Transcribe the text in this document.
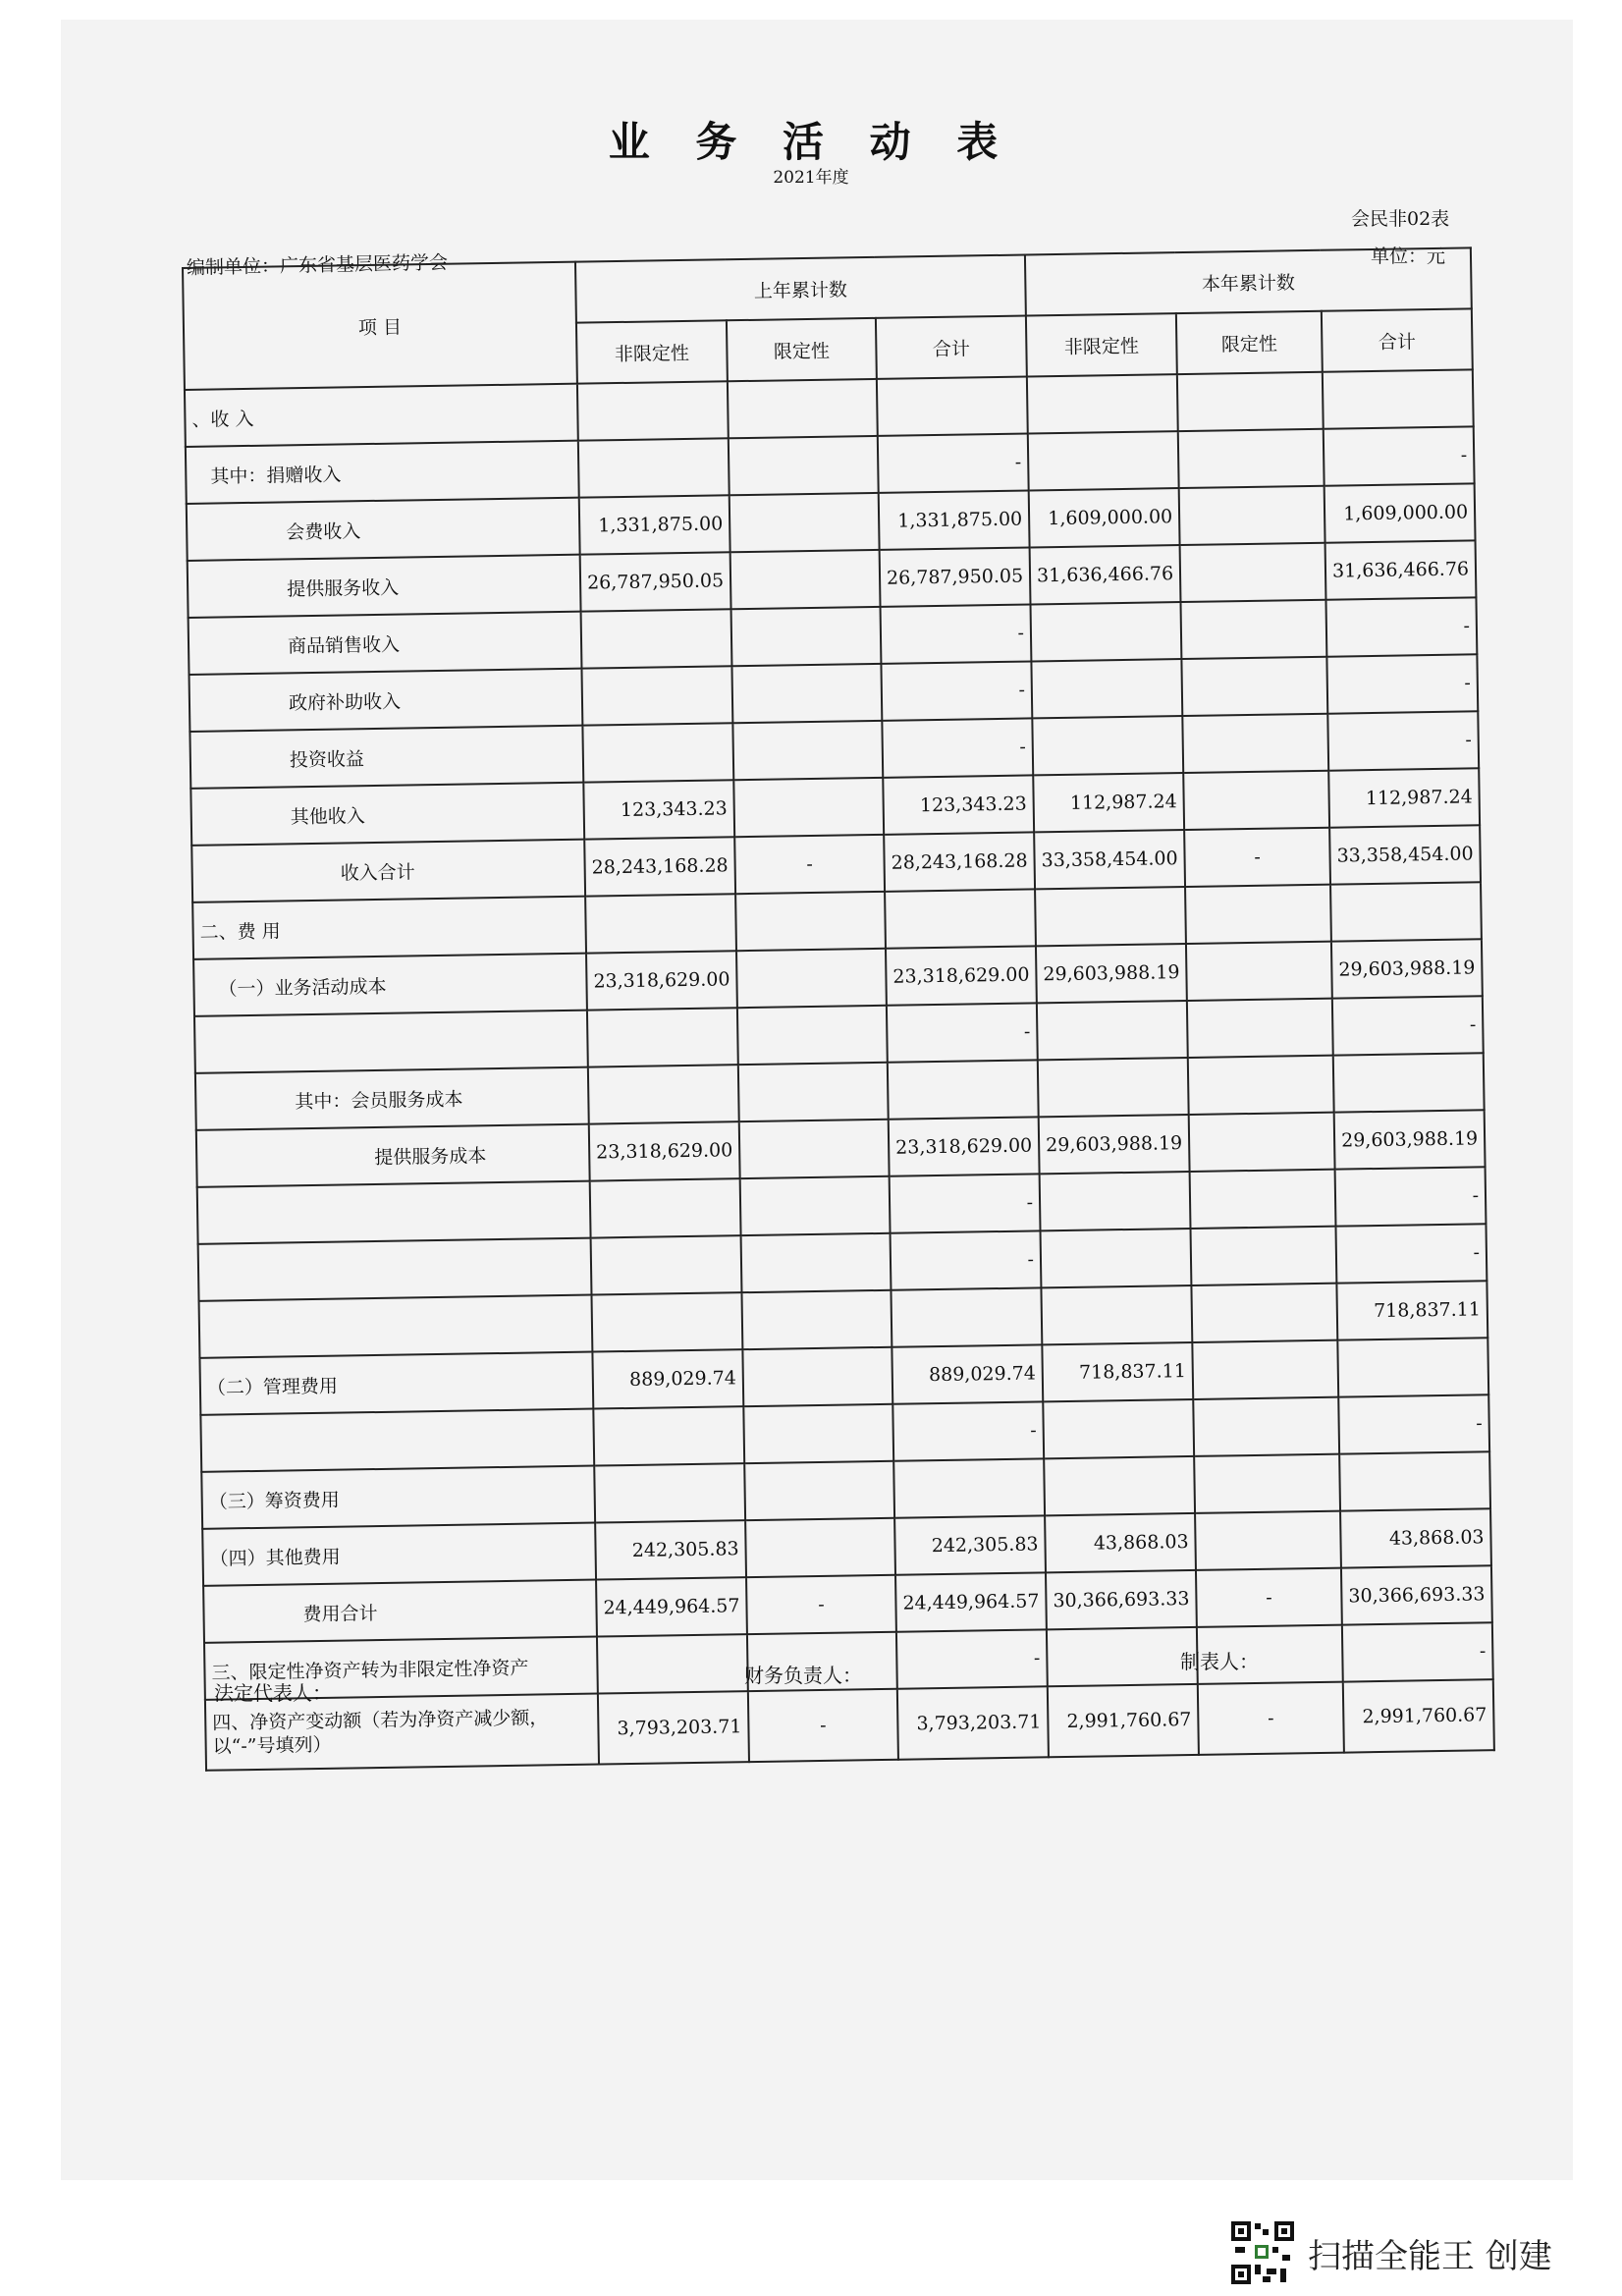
业 务 活 动 表
2021年度
会民非02表
单位：元
编制单位：广东省基层医药学会
项 目	上年累计数			本年累计数		
	非限定性	限定性	合计	非限定性	限定性	合计
、收 入						
其中：捐赠收入			-			-
会费收入	1,331,875.00		1,331,875.00	1,609,000.00		1,609,000.00
提供服务收入	26,787,950.05		26,787,950.05	31,636,466.76		31,636,466.76
商品销售收入			-			-
政府补助收入			-			-
投资收益			-			-
其他收入	123,343.23		123,343.23	112,987.24		112,987.24
收入合计	28,243,168.28	-	28,243,168.28	33,358,454.00	-	33,358,454.00
二、费 用						
（一）业务活动成本	23,318,629.00		23,318,629.00	29,603,988.19		29,603,988.19
			-			-
其中：会员服务成本						
提供服务成本	23,318,629.00		23,318,629.00	29,603,988.19		29,603,988.19
			-			-
			-			-
						718,837.11
（二）管理费用	889,029.74		889,029.74	718,837.11		
			-			-
（三）筹资费用						
（四）其他费用	242,305.83		242,305.83	43,868.03		43,868.03
费用合计	24,449,964.57	-	24,449,964.57	30,366,693.33	-	30,366,693.33
三、限定性净资产转为非限定性净资产			-			-
四、净资产变动额（若为净资产减少额，以“-”号填列）	3,793,203.71	-	3,793,203.71	2,991,760.67	-	2,991,760.67
法定代表人：
财务负责人：
制表人：
扫描全能王 创建
